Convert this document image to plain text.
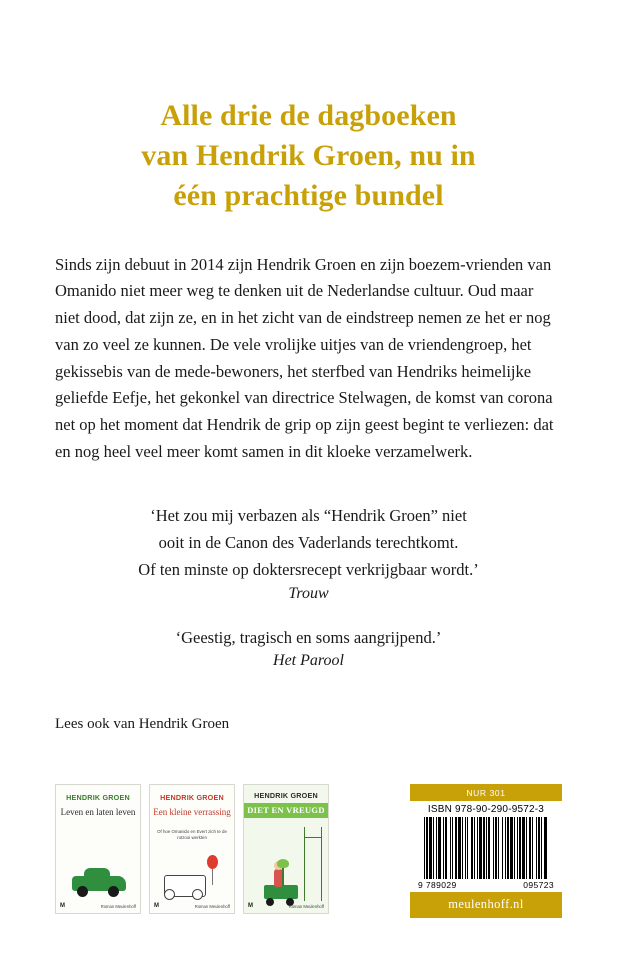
Alle drie de dagboeken
van Hendrik Groen, nu in
één prachtige bundel

Sinds zijn debuut in 2014 zijn Hendrik Groen en zijn boezem-vrienden van Omanido niet meer weg te denken uit de Nederlandse cultuur. Oud maar niet dood, dat zijn ze, en in het zicht van de eindstreep nemen ze het er nog van zo veel ze kunnen. De vele vrolijke uitjes van de vriendengroep, het gekissebis van de mede-bewoners, het sterfbed van Hendriks heimelijke geliefde Eefje, het gekonkel van directrice Stelwagen, de komst van corona net op het moment dat Hendrik de grip op zijn geest begint te verliezen: dat en nog heel veel meer komt samen in dit kloeke verzamelwerk.

‘Het zou mij verbazen als “Hendrik Groen” niet
ooit in de Canon des Vaderlands terechtkomt.
Of ten minste op doktersrecept verkrijgbaar wordt.’
Trouw
‘Geestig, tragisch en soms aangrijpend.’
Het Parool
Lees ook van Hendrik Groen
HENDRIK GROEN
Leven en laten leven
M	Roman Meulenhoff
HENDRIK GROEN
Een kleine verrassing
Of hoe Omanido en Evert zich te de rotzooi werkten
M	Roman Meulenhoff
HENDRIK GROEN
DIET EN VREUGD
M	Roman Meulenhoff
NUR 301
ISBN 978-90-290-9572-3
9 789029	095723
meulenhoff.nl
